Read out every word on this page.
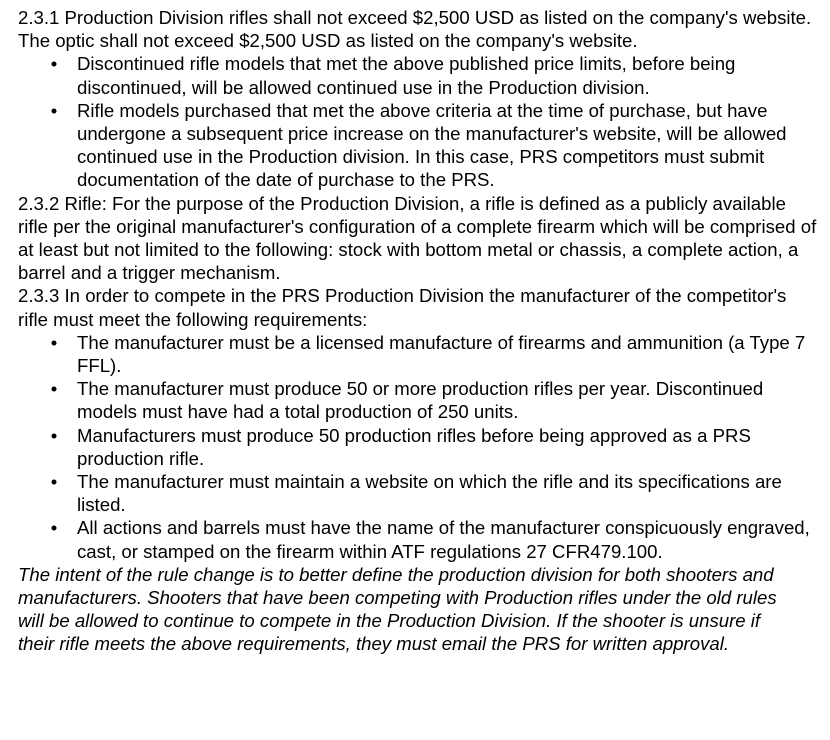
2.3.1 Production Division rifles shall not exceed $2,500 USD as listed on the company's website. The optic shall not exceed $2,500 USD as listed on the company's website.

• Discontinued rifle models that met the above published price limits, before being discontinued, will be allowed continued use in the Production division.
• Rifle models purchased that met the above criteria at the time of purchase, but have undergone a subsequent price increase on the manufacturer's website, will be allowed continued use in the Production division. In this case, PRS competitors must submit documentation of the date of purchase to the PRS.

2.3.2 Rifle: For the purpose of the Production Division, a rifle is defined as a publicly available rifle per the original manufacturer's configuration of a complete firearm which will be comprised of at least but not limited to the following: stock with bottom metal or chassis, a complete action, a barrel and a trigger mechanism.

2.3.3 In order to compete in the PRS Production Division the manufacturer of the competitor's rifle must meet the following requirements:

• The manufacturer must be a licensed manufacture of firearms and ammunition (a Type 7 FFL).
• The manufacturer must produce 50 or more production rifles per year. Discontinued models must have had a total production of 250 units.
• Manufacturers must produce 50 production rifles before being approved as a PRS production rifle.
• The manufacturer must maintain a website on which the rifle and its specifications are listed.
• All actions and barrels must have the name of the manufacturer conspicuously engraved, cast, or stamped on the firearm within ATF regulations 27 CFR479.100.

The intent of the rule change is to better define the production division for both shooters and manufacturers. Shooters that have been competing with Production rifles under the old rules will be allowed to continue to compete in the Production Division. If the shooter is unsure if their rifle meets the above requirements, they must email the PRS for written approval.
